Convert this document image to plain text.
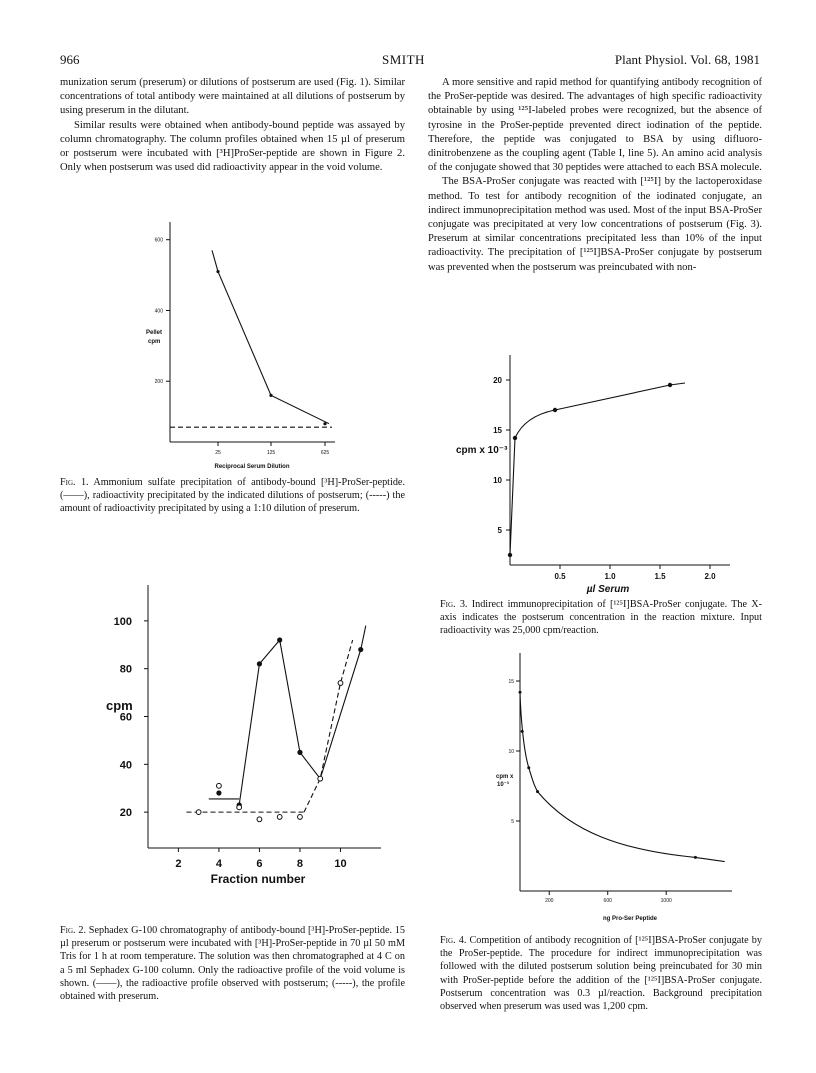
966	SMITH	Plant Physiol. Vol. 68, 1981

munization serum (preserum) or dilutions of postserum are used (Fig. 1). Similar concentrations of total antibody were maintained at all dilutions of postserum by using preserum in the dilutant.

Similar results were obtained when antibody-bound peptide was assayed by column chromatography. The column profiles obtained when 15 µl of preserum or postserum were incubated with [³H]ProSer-peptide are shown in Figure 2. Only when postserum was used did radioactivity appear in the void volume.

A more sensitive and rapid method for quantifying antibody recognition of the ProSer-peptide was desired. The advantages of high specific radioactivity obtainable by using ¹²⁵I-labeled probes were recognized, but the absence of tyrosine in the ProSer-peptide prevented direct iodination of the peptide. Therefore, the peptide was conjugated to BSA by using difluoro-dinitrobenzene as the coupling agent (Table I, line 5). An amino acid analysis of the conjugate showed that 30 peptides were attached to each BSA molecule.

The BSA-ProSer conjugate was reacted with [¹²⁵I] by the lactoperoxidase method. To test for antibody recognition of the iodinated conjugate, an indirect immunoprecipitation method was used. Most of the input BSA-ProSer conjugate was precipitated at very low concentrations of postserum (Fig. 3). Preserum at similar concentrations precipitated less than 10% of the input radioactivity. The precipitation of [¹²⁵I]BSA-ProSer conjugate by postserum was prevented when the postserum was preincubated with non-

200
400
600
25	125	625
Pellet
cpm
Reciprocal Serum Dilution

Fig. 1. Ammonium sulfate precipitation of antibody-bound [³H]-ProSer-peptide. (——), radioactivity precipitated by the indicated dilutions of postserum; (-----) the amount of radioactivity precipitated by using a 1:10 dilution of preserum.

20
40
60
80
100
2	4	6	8	10
cpm
Fraction number

Fig. 2. Sephadex G-100 chromatography of antibody-bound [³H]-ProSer-peptide. 15 µl preserum or postserum were incubated with [³H]-ProSer-peptide in 70 µl 50 mM Tris for 1 h at room temperature. The solution was then chromatographed at 4 C on a 5 ml Sephadex G-100 column. Only the radioactive profile of the void volume is shown. (——), the radioactive profile observed with postserum; (-----), the profile obtained with preserum.

5
10
15
20
0.5	1.0	1.5	2.0
cpm x 10⁻³
µl Serum

Fig. 3. Indirect immunoprecipitation of [¹²⁵I]BSA-ProSer conjugate. The X-axis indicates the postserum concentration in the reaction mixture. Input radioactivity was 25,000 cpm/reaction.

5
10
15
200	600	1000
cpm x
10⁻³
ng Pro-Ser Peptide

Fig. 4. Competition of antibody recognition of [¹²⁵I]BSA-ProSer conjugate by the ProSer-peptide. The procedure for indirect immunoprecipitation was followed with the diluted postserum solution being preincubated for 30 min with ProSer-peptide before the addition of the [¹²⁵I]BSA-ProSer conjugate. Postserum concentration was 0.3 µl/reaction. Background precipitation observed when preserum was used was 1,200 cpm.
